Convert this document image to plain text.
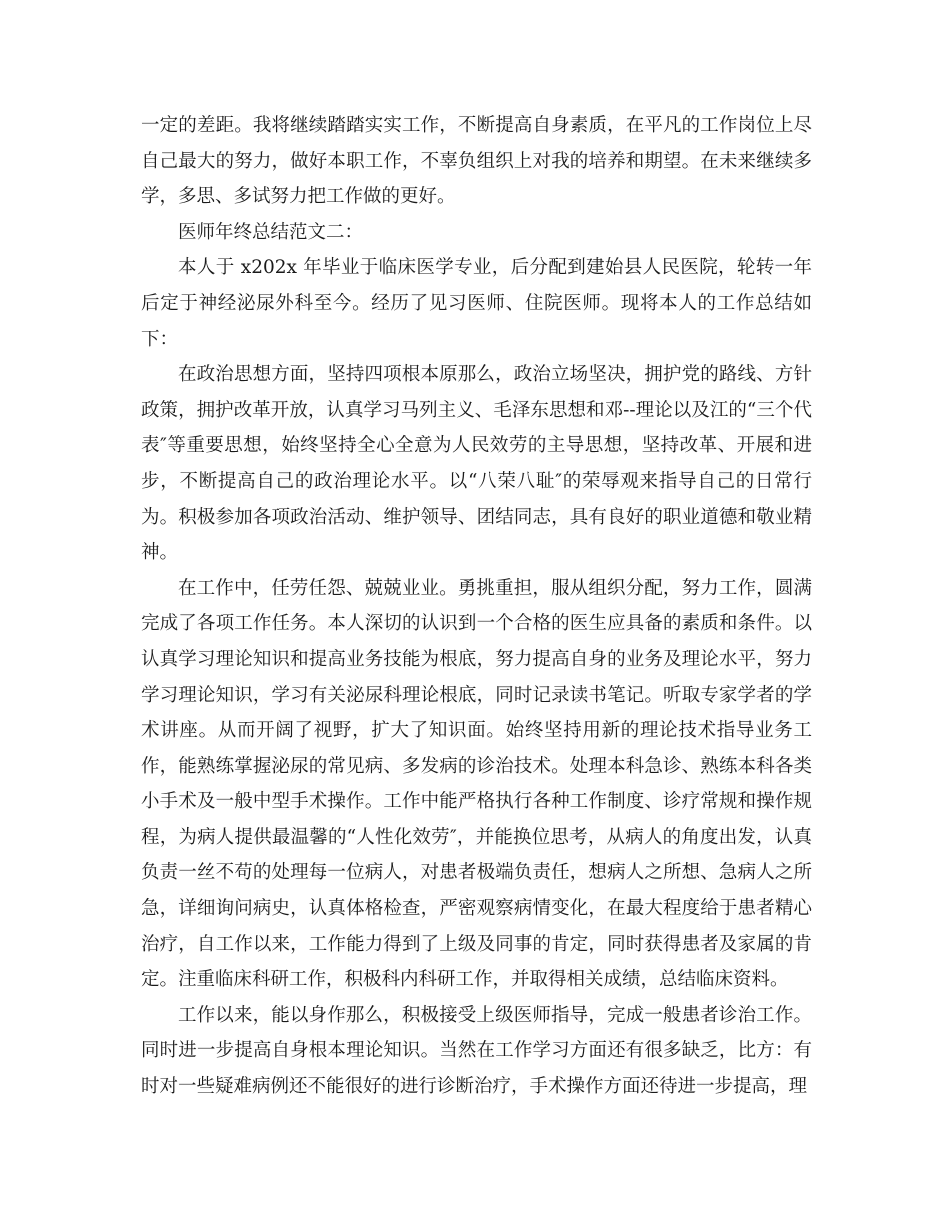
一定的差距。我将继续踏踏实实工作，不断提高自身素质，在平凡的工作岗位上尽自己最大的努力，做好本职工作，不辜负组织上对我的培养和期望。在未来继续多学，多思、多试努力把工作做的更好。

医师年终总结范文二：

本人于 x202x 年毕业于临床医学专业，后分配到建始县人民医院，轮转一年后定于神经泌尿外科至今。经历了见习医师、住院医师。现将本人的工作总结如下：

在政治思想方面，坚持四项根本原那么，政治立场坚决，拥护党的路线、方针政策，拥护改革开放，认真学习马列主义、毛泽东思想和邓--理论以及江的“三个代表″等重要思想，始终坚持全心全意为人民效劳的主导思想，坚持改革、开展和进步，不断提高自己的政治理论水平。以“八荣八耻″的荣辱观来指导自己的日常行为。积极参加各项政治活动、维护领导、团结同志，具有良好的职业道德和敬业精神。

在工作中，任劳任怨、兢兢业业。勇挑重担，服从组织分配，努力工作，圆满完成了各项工作任务。本人深切的认识到一个合格的医生应具备的素质和条件。以认真学习理论知识和提高业务技能为根底，努力提高自身的业务及理论水平，努力学习理论知识，学习有关泌尿科理论根底，同时记录读书笔记。听取专家学者的学术讲座。从而开阔了视野，扩大了知识面。始终坚持用新的理论技术指导业务工作，能熟练掌握泌尿的常见病、多发病的诊治技术。处理本科急诊、熟练本科各类小手术及一般中型手术操作。工作中能严格执行各种工作制度、诊疗常规和操作规程，为病人提供最温馨的“人性化效劳″，并能换位思考，从病人的角度出发，认真负责一丝不苟的处理每一位病人，对患者极端负责任，想病人之所想、急病人之所急，详细询问病史，认真体格检查，严密观察病情变化，在最大程度给于患者精心治疗，自工作以来，工作能力得到了上级及同事的肯定，同时获得患者及家属的肯定。注重临床科研工作，积极科内科研工作，并取得相关成绩，总结临床资料。

工作以来，能以身作那么，积极接受上级医师指导，完成一般患者诊治工作。同时进一步提高自身根本理论知识。当然在工作学习方面还有很多缺乏，比方：有时对一些疑难病例还不能很好的进行诊断治疗，手术操作方面还待进一步提高，理
